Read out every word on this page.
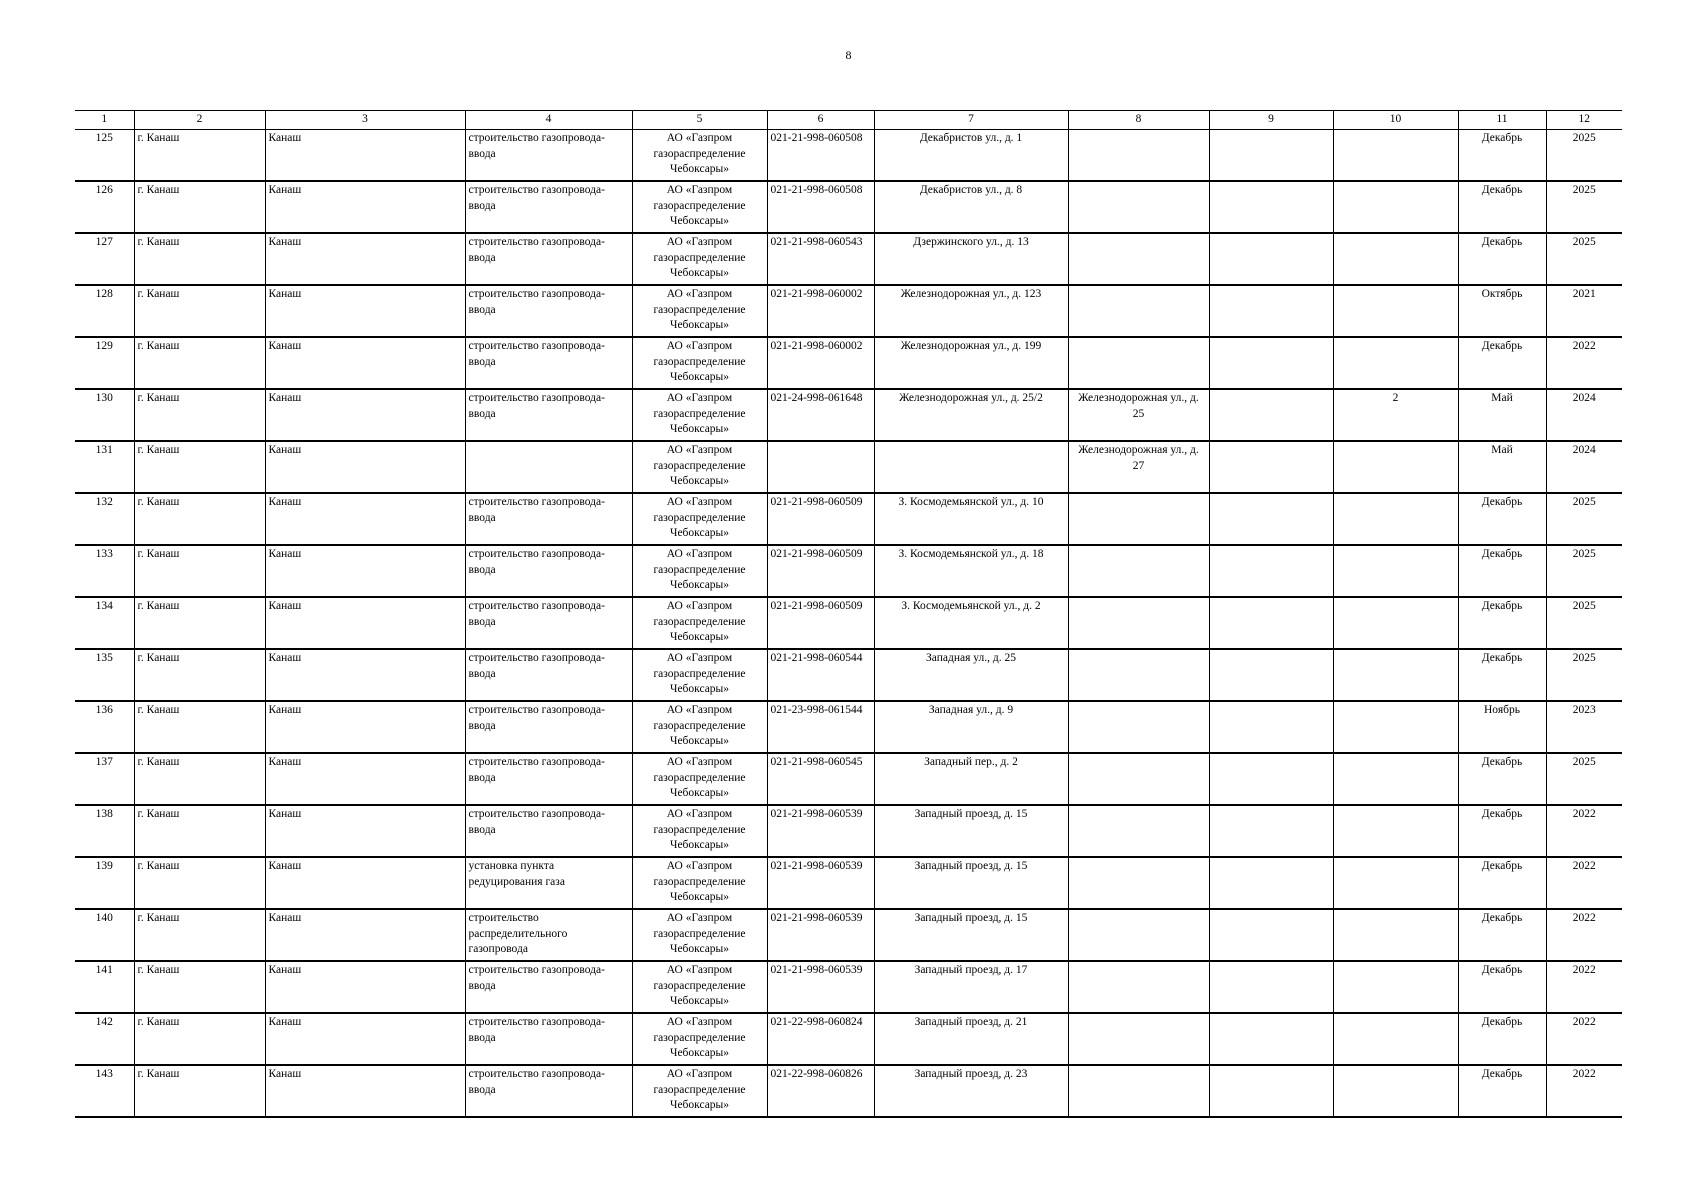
8
1	2	3	4	5	6	7	8	9	10	11	12
125	г. Канаш	Канаш	строительство газопровода-ввода	АО «Газпром газораспределение Чебоксары»	021-21-998-060508	Декабристов ул., д. 1				Декабрь	2025
126	г. Канаш	Канаш	строительство газопровода-ввода	АО «Газпром газораспределение Чебоксары»	021-21-998-060508	Декабристов ул., д. 8				Декабрь	2025
127	г. Канаш	Канаш	строительство газопровода-ввода	АО «Газпром газораспределение Чебоксары»	021-21-998-060543	Дзержинского ул., д. 13				Декабрь	2025
128	г. Канаш	Канаш	строительство газопровода-ввода	АО «Газпром газораспределение Чебоксары»	021-21-998-060002	Железнодорожная ул., д. 123				Октябрь	2021
129	г. Канаш	Канаш	строительство газопровода-ввода	АО «Газпром газораспределение Чебоксары»	021-21-998-060002	Железнодорожная ул., д. 199				Декабрь	2022
130	г. Канаш	Канаш	строительство газопровода-ввода	АО «Газпром газораспределение Чебоксары»	021-24-998-061648	Железнодорожная ул., д. 25/2	Железнодорожная ул., д. 25		2	Май	2024
131	г. Канаш	Канаш		АО «Газпром газораспределение Чебоксары»			Железнодорожная ул., д. 27			Май	2024
132	г. Канаш	Канаш	строительство газопровода-ввода	АО «Газпром газораспределение Чебоксары»	021-21-998-060509	З. Космодемьянской ул., д. 10				Декабрь	2025
133	г. Канаш	Канаш	строительство газопровода-ввода	АО «Газпром газораспределение Чебоксары»	021-21-998-060509	З. Космодемьянской ул., д. 18				Декабрь	2025
134	г. Канаш	Канаш	строительство газопровода-ввода	АО «Газпром газораспределение Чебоксары»	021-21-998-060509	З. Космодемьянской ул., д. 2				Декабрь	2025
135	г. Канаш	Канаш	строительство газопровода-ввода	АО «Газпром газораспределение Чебоксары»	021-21-998-060544	Западная ул., д. 25				Декабрь	2025
136	г. Канаш	Канаш	строительство газопровода-ввода	АО «Газпром газораспределение Чебоксары»	021-23-998-061544	Западная ул., д. 9				Ноябрь	2023
137	г. Канаш	Канаш	строительство газопровода-ввода	АО «Газпром газораспределение Чебоксары»	021-21-998-060545	Западный пер., д. 2				Декабрь	2025
138	г. Канаш	Канаш	строительство газопровода-ввода	АО «Газпром газораспределение Чебоксары»	021-21-998-060539	Западный проезд, д. 15				Декабрь	2022
139	г. Канаш	Канаш	установка пункта редуцирования газа	АО «Газпром газораспределение Чебоксары»	021-21-998-060539	Западный проезд, д. 15				Декабрь	2022
140	г. Канаш	Канаш	строительство распределительного газопровода	АО «Газпром газораспределение Чебоксары»	021-21-998-060539	Западный проезд, д. 15				Декабрь	2022
141	г. Канаш	Канаш	строительство газопровода-ввода	АО «Газпром газораспределение Чебоксары»	021-21-998-060539	Западный проезд, д. 17				Декабрь	2022
142	г. Канаш	Канаш	строительство газопровода-ввода	АО «Газпром газораспределение Чебоксары»	021-22-998-060824	Западный проезд, д. 21				Декабрь	2022
143	г. Канаш	Канаш	строительство газопровода-ввода	АО «Газпром газораспределение Чебоксары»	021-22-998-060826	Западный проезд, д. 23				Декабрь	2022
